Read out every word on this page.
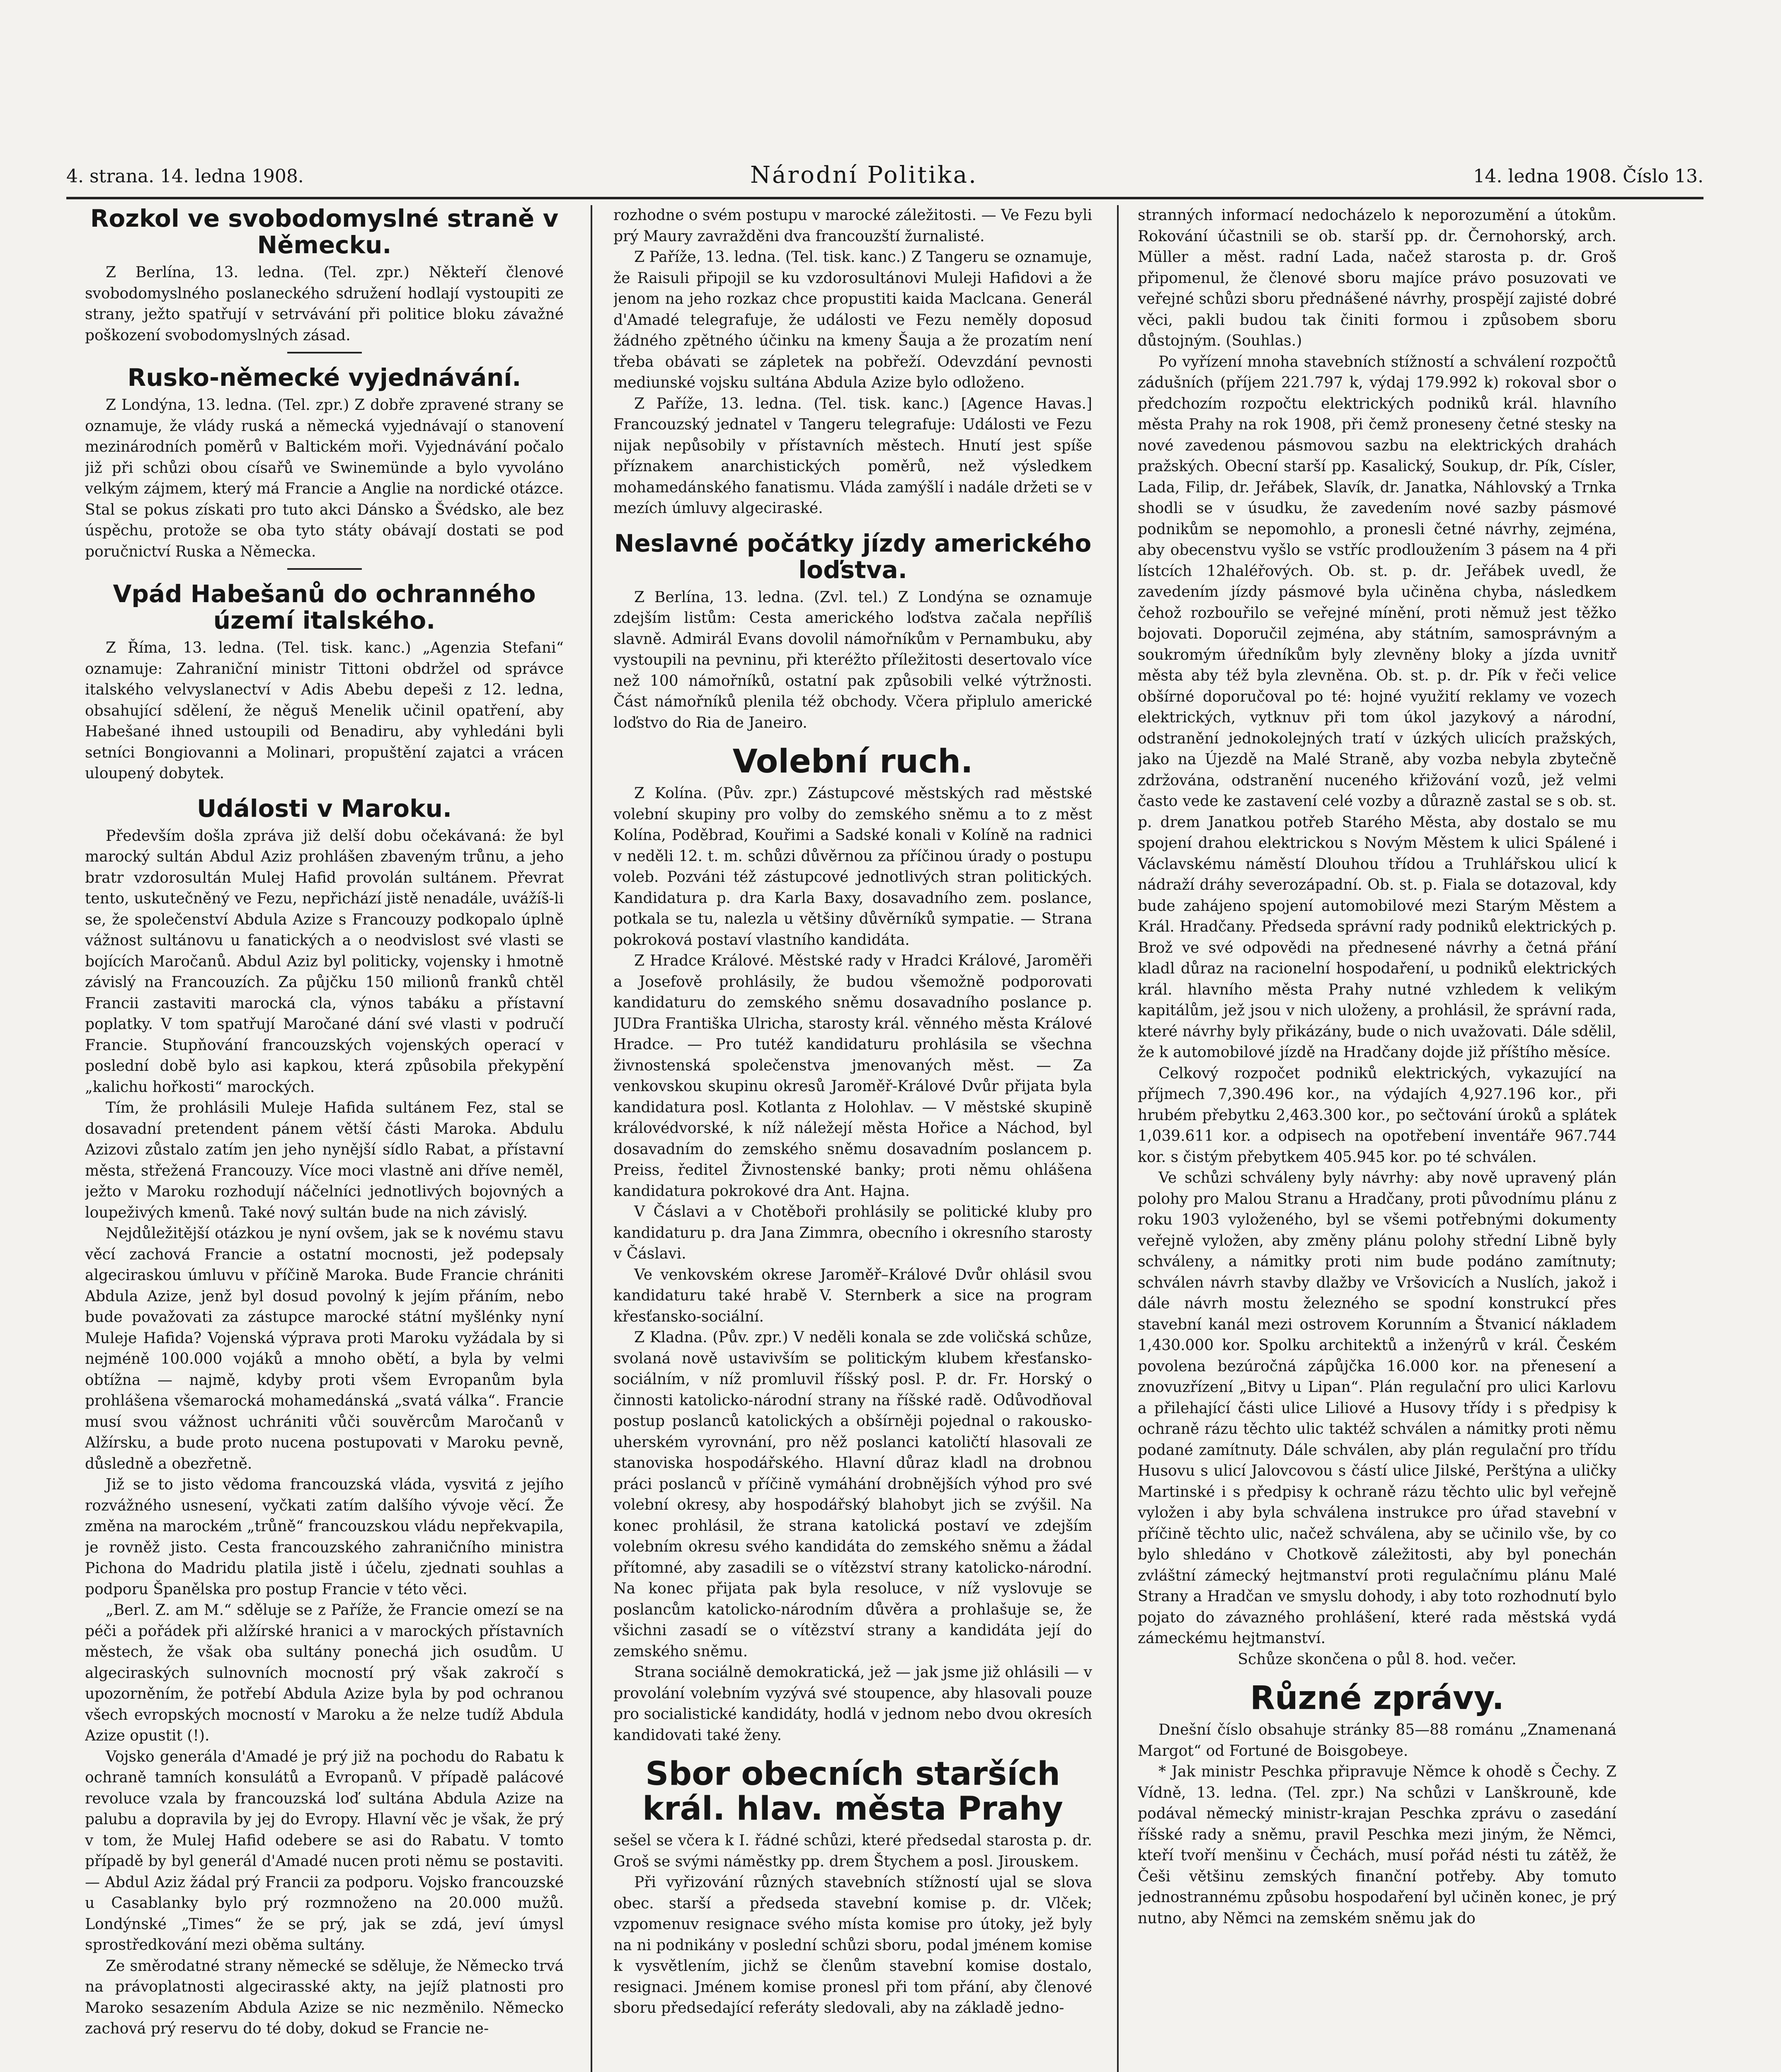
4. strana. 14. ledna 1908.	Národní Politika.	14. ledna 1908. Číslo 13.
Rozkol ve svobodomyslné straně v Německu.

Z Berlína, 13. ledna. (Tel. zpr.) Někteří členové svobodomyslného poslaneckého sdružení hodlají vystoupiti ze strany, ježto spatřují v setrvávání při politice bloku závažné poškození svobodomyslných zásad.

Rusko-německé vyjednávání.

Z Londýna, 13. ledna. (Tel. zpr.) Z dobře zpravené strany se oznamuje, že vlády ruská a německá vyjednávají o stanovení mezinárodních poměrů v Baltickém moři. Vyjednávání počalo již při schůzi obou císařů ve Swinemünde a bylo vyvoláno velkým zájmem, který má Francie a Anglie na nordické otázce. Stal se pokus získati pro tuto akci Dánsko a Švédsko, ale bez úspěchu, protože se oba tyto státy obávají dostati se pod poručnictví Ruska a Německa.

Vpád Habešanů do ochranného území italského.

Z Říma, 13. ledna. (Tel. tisk. kanc.) „Agenzia Stefani“ oznamuje: Zahraniční ministr Tittoni obdržel od správce italského velvyslanectví v Adis Abebu depeši z 12. ledna, obsahující sdělení, že něguš Menelik učinil opatření, aby Habešané ihned ustoupili od Benadiru, aby vyhledáni byli setníci Bongiovanni a Molinari, propuštění zajatci a vrácen uloupený dobytek.

Události v Maroku.

Především došla zpráva již delší dobu očekávaná: že byl marocký sultán Abdul Aziz prohlášen zbaveným trůnu, a jeho bratr vzdorosultán Mulej Hafid provolán sultánem. Převrat tento, uskutečněný ve Fezu, nepřichází jistě nenadále, uvážíš-li se, že společenství Abdula Azize s Francouzy podkopalo úplně vážnost sultánovu u fanatických a o neodvislost své vlasti se bojících Maročanů. Abdul Aziz byl politicky, vojensky i hmotně závislý na Francouzích. Za půjčku 150 milionů franků chtěl Francii zastaviti marocká cla, výnos tabáku a přístavní poplatky. V tom spatřují Maročané dání své vlasti v područí Francie. Stupňování francouzských vojenských operací v poslední době bylo asi kapkou, která způsobila překypění „kalichu hořkosti“ marockých.

Tím, že prohlásili Muleje Hafida sultánem Fez, stal se dosavadní pretendent pánem větší části Maroka. Abdulu Azizovi zůstalo zatím jen jeho nynější sídlo Rabat, a přístavní města, střežená Francouzy. Více moci vlastně ani dříve neměl, ježto v Maroku rozhodují náčelníci jednotlivých bojovných a loupeživých kmenů. Také nový sultán bude na nich závislý.

Nejdůležitější otázkou je nyní ovšem, jak se k novému stavu věcí zachová Francie a ostatní mocnosti, jež podepsaly algeciraskou úmluvu v příčině Maroka. Bude Francie chrániti Abdula Azize, jenž byl dosud povolný k jejím přáním, nebo bude považovati za zástupce marocké státní myšlénky nyní Muleje Hafida? Vojenská výprava proti Maroku vyžádala by si nejméně 100.000 vojáků a mnoho obětí, a byla by velmi obtížna — najmě, kdyby proti všem Evropanům byla prohlášena všemarocká mohamedánská „svatá válka“. Francie musí svou vážnost uchrániti vůči souvěrcům Maročanů v Alžírsku, a bude proto nucena postupovati v Maroku pevně, důsledně a obezřetně.

Již se to jisto vědoma francouzská vláda, vysvitá z jejího rozvážného usnesení, vyčkati zatím dalšího vývoje věcí. Že změna na marockém „trůně“ francouzskou vládu nepřekvapila, je rovněž jisto. Cesta francouzského zahraničního ministra Pichona do Madridu platila jistě i účelu, zjednati souhlas a podporu Španělska pro postup Francie v této věci.

„Berl. Z. am M.“ sděluje se z Paříže, že Francie omezí se na péči a pořádek při alžírské hranici a v marockých přístavních městech, že však oba sultány ponechá jich osudům. U algeciraských sulnovních mocností prý však zakročí s upozorněním, že potřebí Abdula Azize byla by pod ochranou všech evropských mocností v Maroku a že nelze tudíž Abdula Azize opustit (!).

Vojsko generála d'Amadé je prý již na pochodu do Rabatu k ochraně tamních konsulátů a Evropanů. V případě palácové revoluce vzala by francouzská loď sultána Abdula Azize na palubu a dopravila by jej do Evropy. Hlavní věc je však, že prý v tom, že Mulej Hafid odebere se asi do Rabatu. V tomto případě by byl generál d'Amadé nucen proti němu se postaviti. — Abdul Aziz žádal prý Francii za podporu. Vojsko francouzské u Casablanky bylo prý rozmnoženo na 20.000 mužů. Londýnské „Times“ že se prý, jak se zdá, jeví úmysl sprostředkování mezi oběma sultány.

Ze směrodatné strany německé se sděluje, že Německo trvá na právoplatnosti algecirasské akty, na jejíž platnosti pro Maroko sesazením Abdula Azize se nic nezměnilo. Německo zachová prý reservu do té doby, dokud se Francie ne-

rozhodne o svém postupu v marocké záležitosti. — Ve Fezu byli prý Maury zavražděni dva francouzští žurnalisté.

Z Paříže, 13. ledna. (Tel. tisk. kanc.) Z Tangeru se oznamuje, že Raisuli připojil se ku vzdorosultánovi Muleji Hafidovi a že jenom na jeho rozkaz chce propustiti kaida Maclcana. Generál d'Amadé telegrafuje, že události ve Fezu neměly doposud žádného zpětného účinku na kmeny Šauja a že prozatím není třeba obávati se zápletek na pobřeží. Odevzdání pevnosti mediunské vojsku sultána Abdula Azize bylo odloženo.

Z Paříže, 13. ledna. (Tel. tisk. kanc.) [Agence Havas.] Francouzský jednatel v Tangeru telegrafuje: Události ve Fezu nijak nepůsobily v přístavních městech. Hnutí jest spíše příznakem anarchistických poměrů, než výsledkem mohamedánského fanatismu. Vláda zamýšlí i nadále držeti se v mezích úmluvy algeciraské.

Neslavné počátky jízdy amerického loďstva.

Z Berlína, 13. ledna. (Zvl. tel.) Z Londýna se oznamuje zdejším listům: Cesta amerického loďstva začala nepříliš slavně. Admirál Evans dovolil námořníkům v Pernambuku, aby vystoupili na pevninu, při kteréžto příležitosti desertovalo více než 100 námořníků, ostatní pak způsobili velké výtržnosti. Část námořníků plenila též obchody. Včera připlulo americké loďstvo do Ria de Janeiro.

Volební ruch.

Z Kolína. (Pův. zpr.) Zástupcové městských rad městské volební skupiny pro volby do zemského sněmu a to z měst Kolína, Poděbrad, Kouřimi a Sadské konali v Kolíně na radnici v neděli 12. t. m. schůzi důvěrnou za příčinou úrady o postupu voleb. Pozváni též zástupcové jednotlivých stran politických. Kandidatura p. dra Karla Baxy, dosavadního zem. poslance, potkala se tu, nalezla u většiny důvěrníků sympatie. — Strana pokroková postaví vlastního kandidáta.

Z Hradce Králové. Městské rady v Hradci Králové, Jaroměři a Josefově prohlásily, že budou všemožně podporovati kandidaturu do zemského sněmu dosavadního poslance p. JUDra Františka Ulricha, starosty král. věnného města Králové Hradce. — Pro tutéž kandidaturu prohlásila se všechna živnostenská společenstva jmenovaných měst. — Za venkovskou skupinu okresů Jaroměř-Králové Dvůr přijata byla kandidatura posl. Kotlanta z Holohlav. — V městské skupině královédvorské, k níž náležejí města Hořice a Náchod, byl dosavadním do zemského sněmu dosavadním poslancem p. Preiss, ředitel Živnostenské banky; proti němu ohlášena kandidatura pokrokové dra Ant. Hajna.

V Čáslavi a v Chotěboři prohlásily se politické kluby pro kandidaturu p. dra Jana Zimmra, obecního i okresního starosty v Čáslavi.

Ve venkovském okrese Jaroměř–Králové Dvůr ohlásil svou kandidaturu také hrabě V. Sternberk a sice na program křesťansko-sociální.

Z Kladna. (Pův. zpr.) V neděli konala se zde voličská schůze, svolaná nově ustavivším se politickým klubem křesťansko-sociálním, v níž promluvil říšský posl. P. dr. Fr. Horský o činnosti katolicko-národní strany na říšské radě. Odůvodňoval postup poslanců katolických a obšírněji pojednal o rakousko-uherském vyrovnání, pro něž poslanci katoličtí hlasovali ze stanoviska hospodářského. Hlavní důraz kladl na drobnou práci poslanců v příčině vymáhání drobnějších výhod pro své volební okresy, aby hospodářský blahobyt jich se zvýšil. Na konec prohlásil, že strana katolická postaví ve zdejším volebním okresu svého kandidáta do zemského sněmu a žádal přítomné, aby zasadili se o vítězství strany katolicko-národní. Na konec přijata pak byla resoluce, v níž vyslovuje se poslancům katolicko-národním důvěra a prohlašuje se, že všichni zasadí se o vítězství strany a kandidáta její do zemského sněmu.

Strana sociálně demokratická, jež — jak jsme již ohlásili — v provolání volebním vyzývá své stoupence, aby hlasovali pouze pro socialistické kandidáty, hodlá v jednom nebo dvou okresích kandidovati také ženy.

Sbor obecních starších král. hlav. města Prahy

sešel se včera k I. řádné schůzi, které předsedal starosta p. dr. Groš se svými náměstky pp. drem Štychem a posl. Jirouskem.

Při vyřizování různých stavebních stížností ujal se slova obec. starší a předseda stavební komise p. dr. Vlček; vzpomenuv resignace svého místa komise pro útoky, jež byly na ni podnikány v poslední schůzi sboru, podal jménem komise k vysvětlením, jichž se členům stavební komise dostalo, resignaci. Jménem komise pronesl při tom přání, aby členové sboru předsedající referáty sledovali, aby na základě jedno-

stranných informací nedocházelo k neporozumění a útokům. Rokování účastnili se ob. starší pp. dr. Černohorský, arch. Müller a měst. radní Lada, načež starosta p. dr. Groš připomenul, že členové sboru majíce právo posuzovati ve veřejné schůzi sboru přednášené návrhy, prospějí zajisté dobré věci, pakli budou tak činiti formou i způsobem sboru důstojným. (Souhlas.)

Po vyřízení mnoha stavebních stížností a schválení rozpočtů zádušních (příjem 221.797 k, výdaj 179.992 k) rokoval sbor o předchozím rozpočtu elektrických podniků král. hlavního města Prahy na rok 1908, při čemž proneseny četné stesky na nové zavedenou pásmovou sazbu na elektrických drahách pražských. Obecní starší pp. Kasalický, Soukup, dr. Pík, Císler, Lada, Filip, dr. Jeřábek, Slavík, dr. Janatka, Náhlovský a Trnka shodli se v úsudku, že zavedením nové sazby pásmové podnikům se nepomohlo, a pronesli četné návrhy, zejména, aby obecenstvu vyšlo se vstříc prodloužením 3 pásem na 4 při lístcích 12haléřových. Ob. st. p. dr. Jeřábek uvedl, že zavedením jízdy pásmové byla učiněna chyba, následkem čehož rozbouřilo se veřejné mínění, proti němuž jest těžko bojovati. Doporučil zejména, aby státním, samosprávným a soukromým úředníkům byly zlevněny bloky a jízda uvnitř města aby též byla zlevněna. Ob. st. p. dr. Pík v řeči velice obšírné doporučoval po té: hojné využití reklamy ve vozech elektrických, vytknuv při tom úkol jazykový a národní, odstranění jednokolejných tratí v úzkých ulicích pražských, jako na Újezdě na Malé Straně, aby vozba nebyla zbytečně zdržována, odstranění nuceného křižování vozů, jež velmi často vede ke zastavení celé vozby a důrazně zastal se s ob. st. p. drem Janatkou potřeb Starého Města, aby dostalo se mu spojení drahou elektrickou s Novým Městem k ulici Spálené i Václavskému náměstí Dlouhou třídou a Truhlářskou ulicí k nádraží dráhy severozápadní. Ob. st. p. Fiala se dotazoval, kdy bude zahájeno spojení automobilové mezi Starým Městem a Král. Hradčany. Předseda správní rady podniků elektrických p. Brož ve své odpovědi na přednesené návrhy a četná přání kladl důraz na racionelní hospodaření, u podniků elektrických král. hlavního města Prahy nutné vzhledem k velikým kapitálům, jež jsou v nich uloženy, a prohlásil, že správní rada, které návrhy byly přikázány, bude o nich uvažovati. Dále sdělil, že k automobilové jízdě na Hradčany dojde již příštího měsíce.

Celkový rozpočet podniků elektrických, vykazující na příjmech 7,390.496 kor., na výdajích 4,927.196 kor., při hrubém přebytku 2,463.300 kor., po sečtování úroků a splátek 1,039.611 kor. a odpisech na opotřebení inventáře 967.744 kor. s čistým přebytkem 405.945 kor. po té schválen.

Ve schůzi schváleny byly návrhy: aby nově upravený plán polohy pro Malou Stranu a Hradčany, proti původnímu plánu z roku 1903 vyloženého, byl se všemi potřebnými dokumenty veřejně vyložen, aby změny plánu polohy střední Libně byly schváleny, a námitky proti nim bude podáno zamítnuty; schválen návrh stavby dlažby ve Vršovicích a Nuslích, jakož i dále návrh mostu železného se spodní konstrukcí přes stavební kanál mezi ostrovem Korunním a Štvanicí nákladem 1,430.000 kor. Spolku architektů a inženýrů v král. Českém povolena bezúročná zápůjčka 16.000 kor. na přenesení a znovuzřízení „Bitvy u Lipan“. Plán regulační pro ulici Karlovu a přilehající části ulice Liliové a Husovy třídy i s předpisy k ochraně rázu těchto ulic taktéž schválen a námitky proti němu podané zamítnuty. Dále schválen, aby plán regulační pro třídu Husovu s ulicí Jalovcovou s částí ulice Jilské, Perštýna a uličky Martinské i s předpisy k ochraně rázu těchto ulic byl veřejně vyložen i aby byla schválena instrukce pro úřad stavební v příčině těchto ulic, načež schválena, aby se učinilo vše, by co bylo shledáno v Chotkově záležitosti, aby byl ponechán zvláštní zámecký hejtmanství proti regulačnímu plánu Malé Strany a Hradčan ve smyslu dohody, i aby toto rozhodnutí bylo pojato do závazného prohlášení, které rada městská vydá zámeckému hejtmanství.

Schůze skončena o půl 8. hod. večer.

Různé zprávy.

Dnešní číslo obsahuje stránky 85—88 románu „Znamenaná Margot“ od Fortuné de Boisgobeye.

* Jak ministr Peschka připravuje Němce k ohodě s Čechy. Z Vídně, 13. ledna. (Tel. zpr.) Na schůzi v Lanškrouně, kde podával německý ministr-krajan Peschka zprávu o zasedání říšské rady a sněmu, pravil Peschka mezi jiným, že Němci, kteří tvoří menšinu v Čechách, musí pořád nésti tu zátěž, že Češi většinu zemských finanční potřeby. Aby tomuto jednostrannému způsobu hospodaření byl učiněn konec, je prý nutno, aby Němci na zemském sněmu jak do
